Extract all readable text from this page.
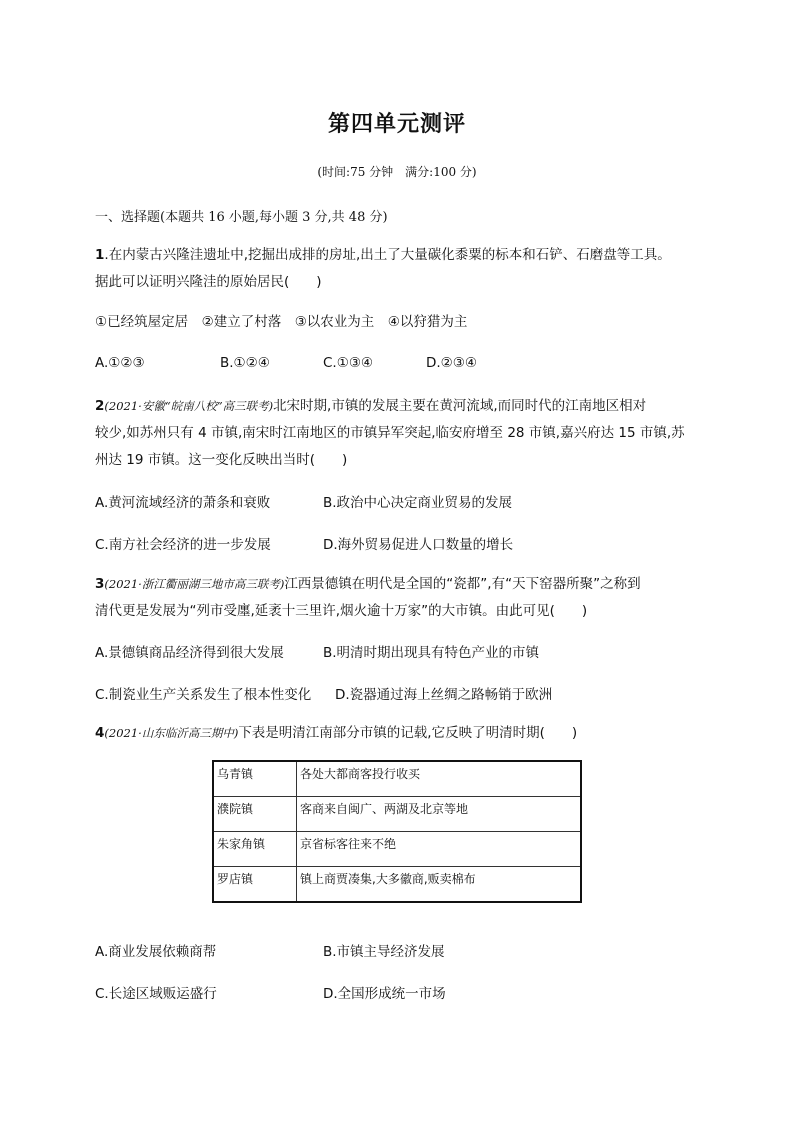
第四单元测评
(时间:75 分钟　满分:100 分)
一、选择题(本题共 16 小题,每小题 3 分,共 48 分)
1.在内蒙古兴隆洼遗址中,挖掘出成排的房址,出土了大量碳化黍粟的标本和石铲、石磨盘等工具。
据此可以证明兴隆洼的原始居民(　　)
①已经筑屋定居　②建立了村落　③以农业为主　④以狩猎为主
A.①②③	B.①②④	C.①③④	D.②③④
2(2021·安徽“皖南八校”高三联考)北宋时期,市镇的发展主要在黄河流域,而同时代的江南地区相对
较少,如苏州只有 4 市镇,南宋时江南地区的市镇异军突起,临安府增至 28 市镇,嘉兴府达 15 市镇,苏
州达 19 市镇。这一变化反映出当时(　　)
A.黄河流域经济的萧条和衰败	B.政治中心决定商业贸易的发展
C.南方社会经济的进一步发展	D.海外贸易促进人口数量的增长
3(2021·浙江衢丽湖三地市高三联考)江西景德镇在明代是全国的“瓷都”,有“天下窑器所聚”之称到
清代更是发展为“列市受廛,延袤十三里许,烟火逾十万家”的大市镇。由此可见(　　)
A.景德镇商品经济得到很大发展	B.明清时期出现具有特色产业的市镇
C.制瓷业生产关系发生了根本性变化 D.瓷器通过海上丝绸之路畅销于欧洲
4(2021·山东临沂高三期中)下表是明清江南部分市镇的记载,它反映了明清时期(　　)
乌青镇	各处大都商客投行收买
濮院镇	客商来自闽广、两湖及北京等地
朱家角镇	京省标客往来不绝
罗店镇	镇上商贾凑集,大多徽商,贩卖棉布
A.商业发展依赖商帮	B.市镇主导经济发展
C.长途区域贩运盛行	D.全国形成统一市场
